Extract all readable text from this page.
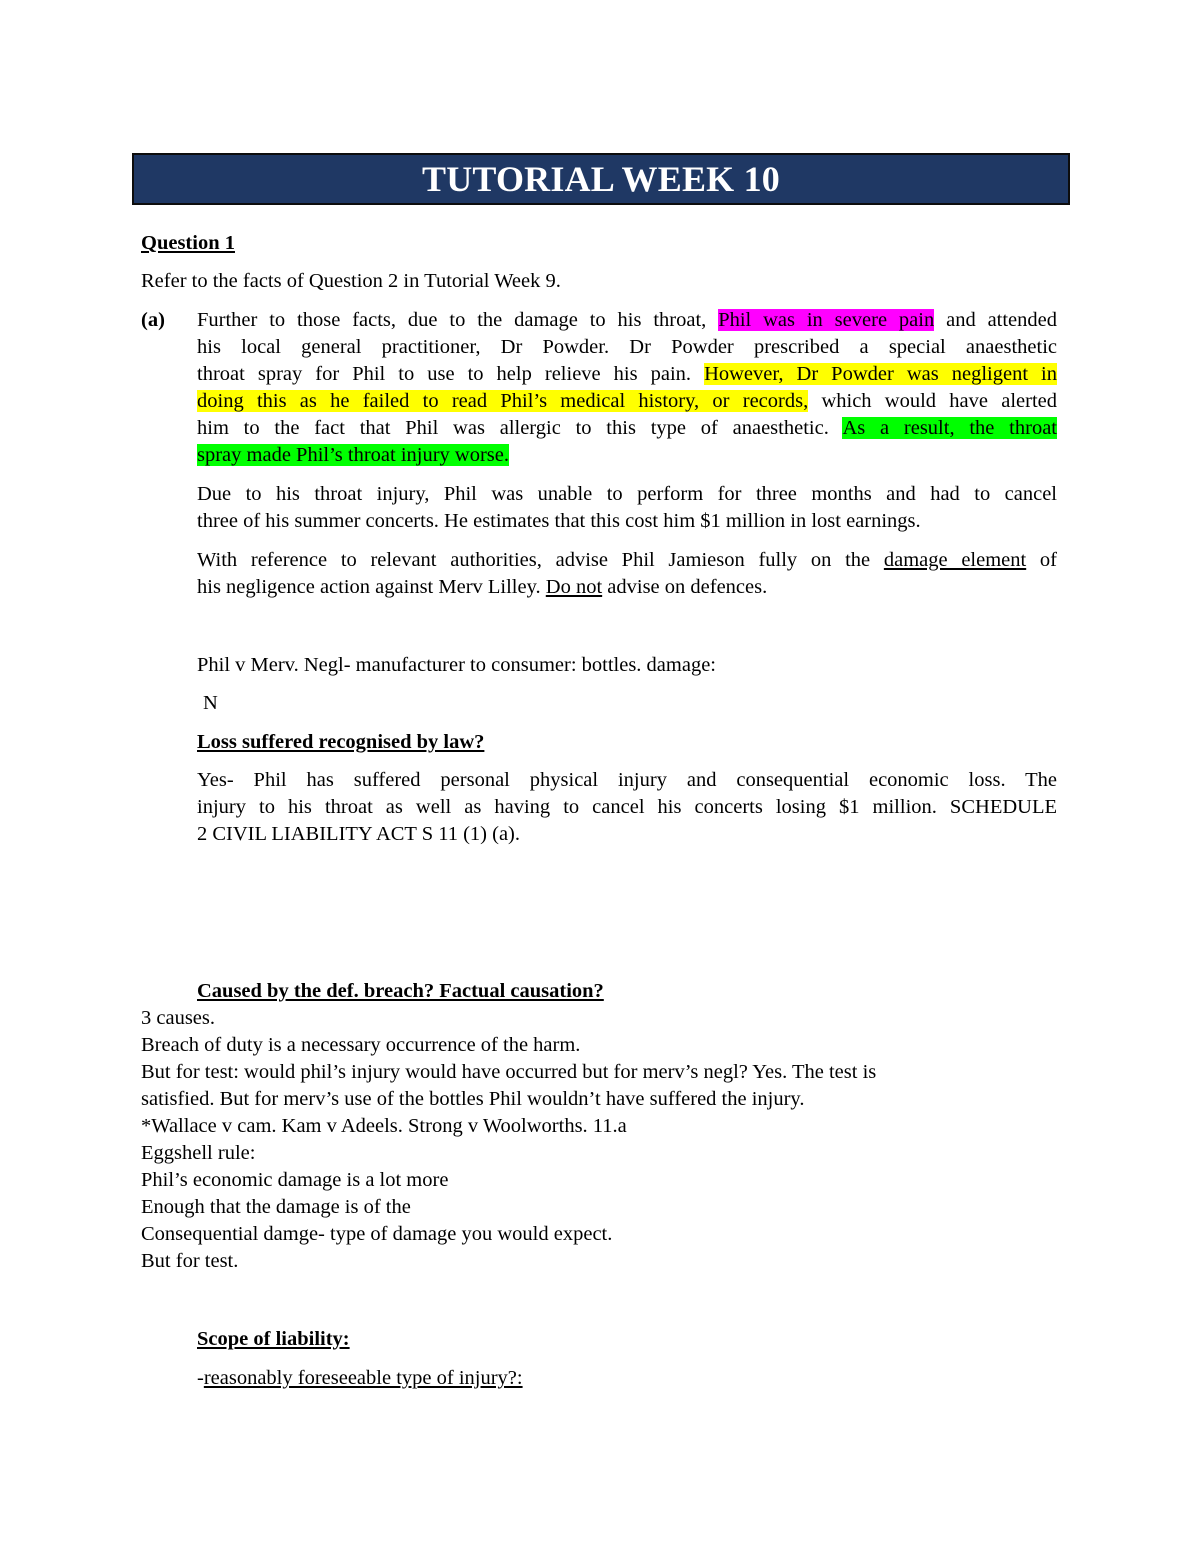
TUTORIAL WEEK 10
Question 1
Refer to the facts of Question 2 in Tutorial Week 9.
(a) Further to those facts, due to the damage to his throat, Phil was in severe pain and attended
his local general practitioner, Dr Powder. Dr Powder prescribed a special anaesthetic
throat spray for Phil to use to help relieve his pain. However, Dr Powder was negligent in
doing this as he failed to read Phil’s medical history, or records, which would have alerted
him to the fact that Phil was allergic to this type of anaesthetic. As a result, the throat
spray made Phil’s throat injury worse.
Due to his throat injury, Phil was unable to perform for three months and had to cancel
three of his summer concerts. He estimates that this cost him $1 million in lost earnings.
With reference to relevant authorities, advise Phil Jamieson fully on the damage element of
his negligence action against Merv Lilley. Do not advise on defences.
Phil v Merv. Negl- manufacturer to consumer: bottles. damage:
N
Loss suffered recognised by law?
Yes- Phil has suffered personal physical injury and consequential economic loss. The
injury to his throat as well as having to cancel his concerts losing $1 million. SCHEDULE
2 CIVIL LIABILITY ACT S 11 (1) (a).
Caused by the def. breach? Factual causation?
3 causes.
Breach of duty is a necessary occurrence of the harm.
But for test: would phil’s injury would have occurred but for merv’s negl? Yes. The test is
satisfied. But for merv’s use of the bottles Phil wouldn’t have suffered the injury.
*Wallace v cam. Kam v Adeels. Strong v Woolworths. 11.a
Eggshell rule:
Phil’s economic damage is a lot more
Enough that the damage is of the
Consequential damge- type of damage you would expect.
But for test.
Scope of liability:
-reasonably foreseeable type of injury?:
